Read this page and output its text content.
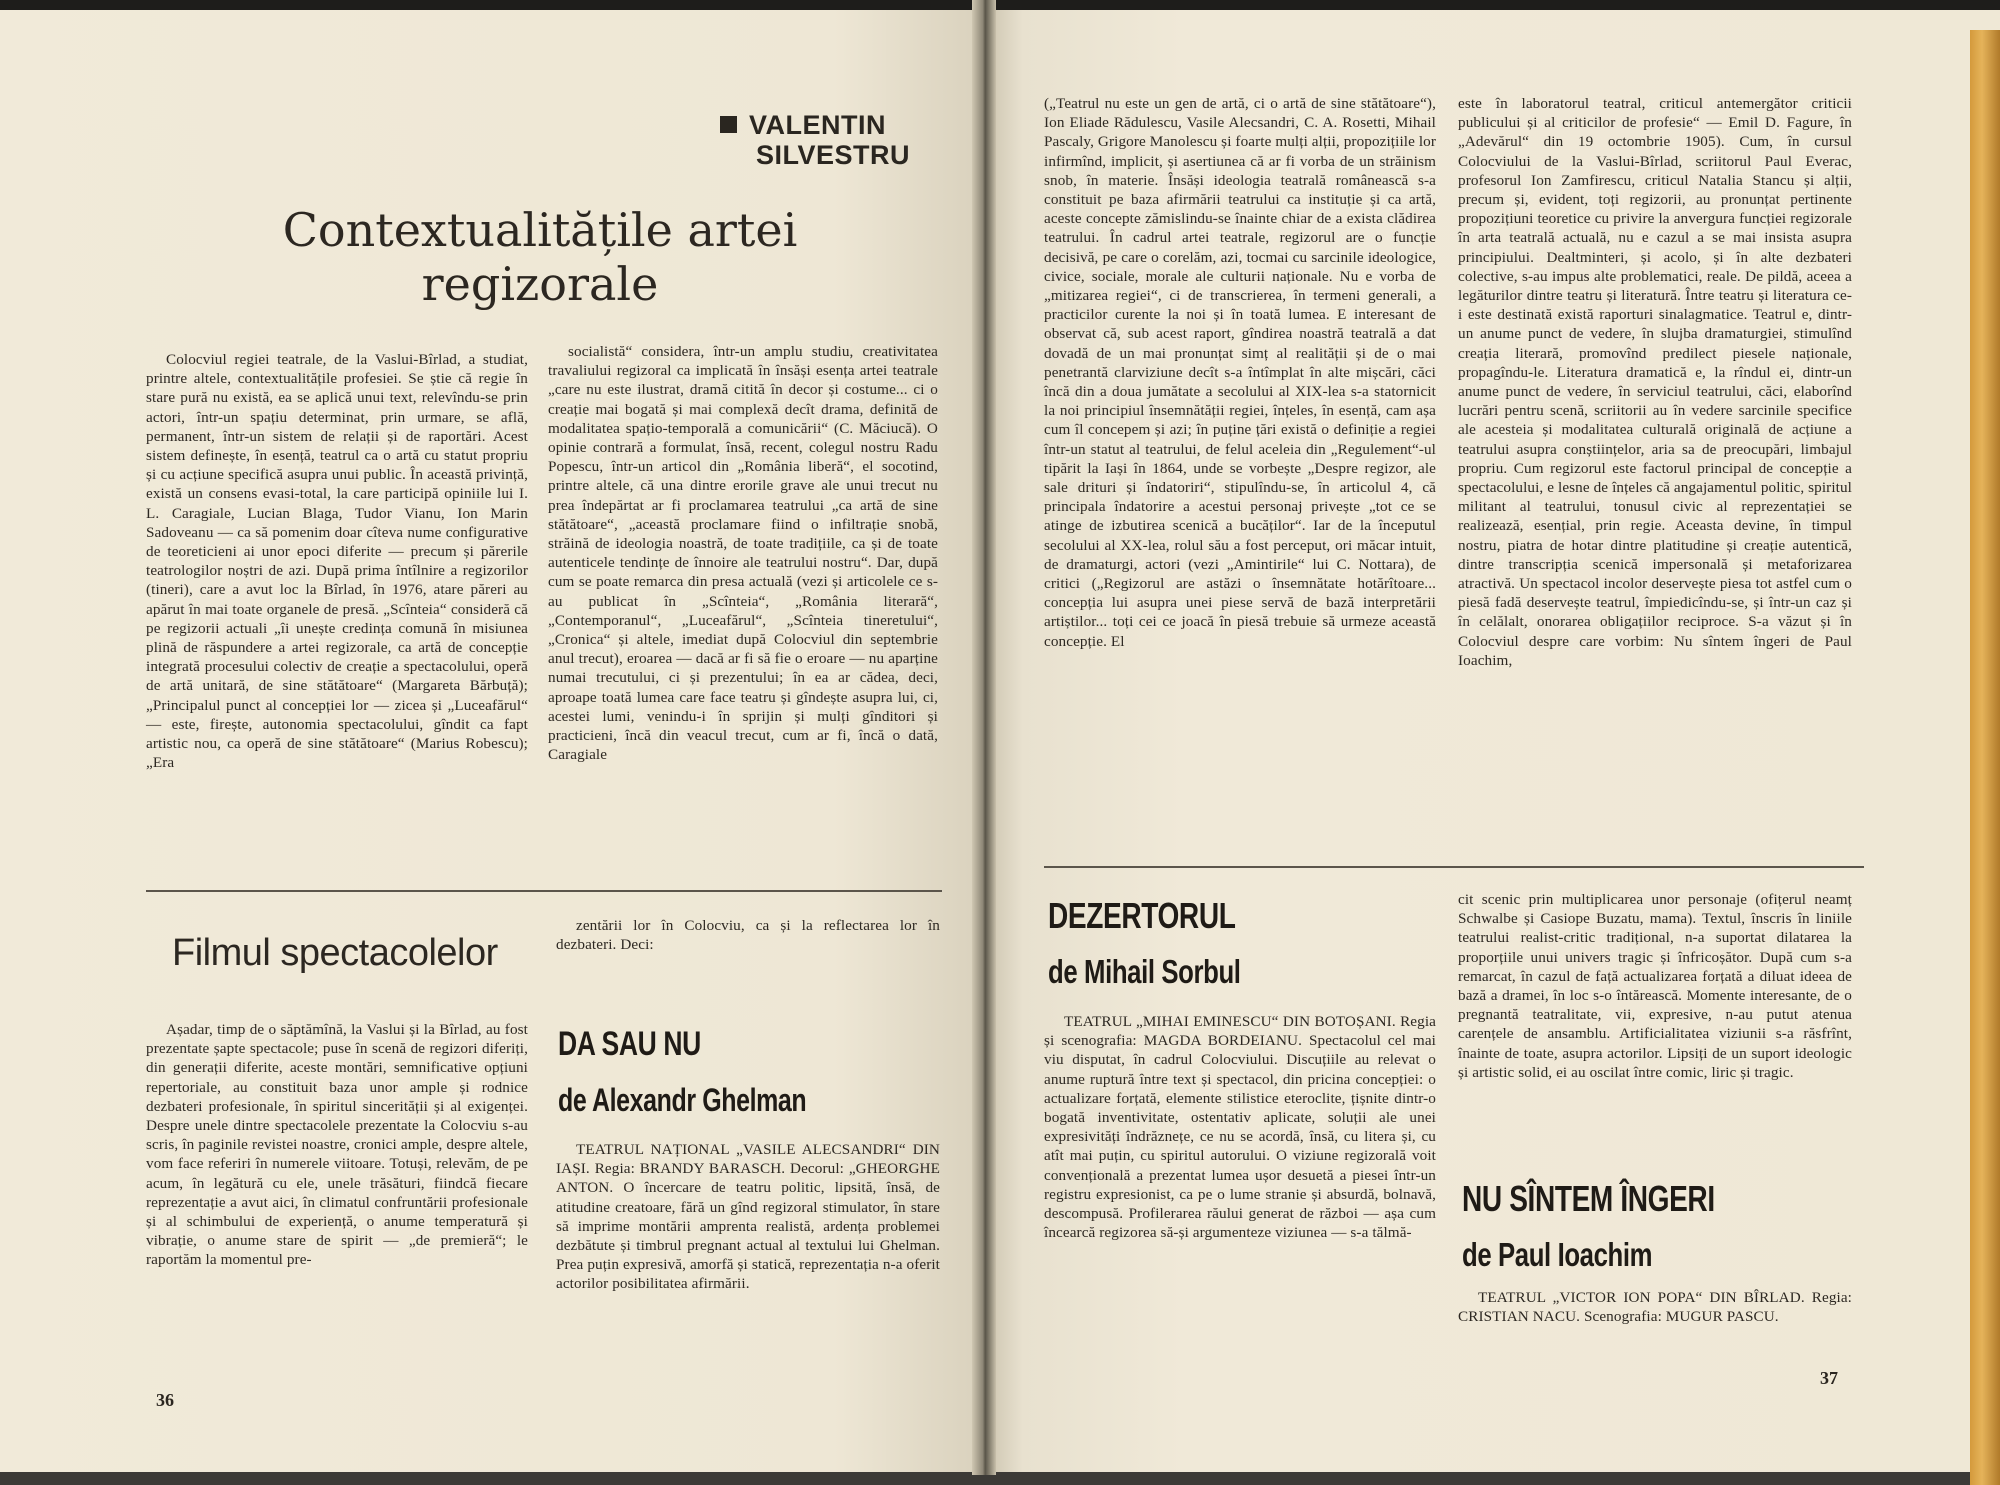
VALENTIN
SILVESTRU
Contextualitățile artei
regizorale

Colocviul regiei teatrale, de la Vaslui-Bîrlad, a studiat, printre altele, contextualitățile profesiei. Se știe că regie în stare pură nu există, ea se aplică unui text, relevîndu-se prin actori, într-un spațiu determinat, prin urmare, se află, permanent, într-un sistem de relații și de raportări. Acest sistem definește, în esență, teatrul ca o artă cu statut propriu și cu acțiune specifică asupra unui public. În această privință, există un consens evasi-total, la care participă opiniile lui I. L. Caragiale, Lucian Blaga, Tudor Vianu, Ion Marin Sadoveanu — ca să pomenim doar cîteva nume configurative de teoreticieni ai unor epoci diferite — precum și părerile teatrologilor noștri de azi. După prima întîlnire a regizorilor (tineri), care a avut loc la Bîrlad, în 1976, atare păreri au apărut în mai toate organele de presă. „Scînteia“ consideră că pe regizorii actuali „îi unește credința comună în misiunea plină de răspundere a artei regizorale, ca artă de concepție integrată procesului colectiv de creație a spectacolului, operă de artă unitară, de sine stătătoare“ (Margareta Bărbuță); „Principalul punct al concepției lor — zicea și „Luceafărul“ — este, firește, autonomia spectacolului, gîndit ca fapt artistic nou, ca operă de sine stătătoare“ (Marius Robescu); „Era

socialistă“ considera, într-un amplu studiu, creativitatea travaliului regizoral ca implicată în însăși esența artei teatrale „care nu este ilustrat, dramă citită în decor și costume... ci o creație mai bogată și mai complexă decît drama, definită de modalitatea spațio-temporală a comunicării“ (C. Măciucă). O opinie contrară a formulat, însă, recent, colegul nostru Radu Popescu, într-un articol din „România liberă“, el socotind, printre altele, că una dintre erorile grave ale unui trecut nu prea îndepărtat ar fi proclamarea teatrului „ca artă de sine stătătoare“, „această proclamare fiind o infiltrație snobă, străină de ideologia noastră, de toate tradițiile, ca și de toate autenticele tendințe de înnoire ale teatrului nostru“. Dar, după cum se poate remarca din presa actuală (vezi și articolele ce s-au publicat în „Scînteia“, „România literară“, „Contemporanul“, „Luceafărul“, „Scînteia tineretului“, „Cronica“ și altele, imediat după Colocviul din septembrie anul trecut), eroarea — dacă ar fi să fie o eroare — nu aparține numai trecutului, ci și prezentului; în ea ar cădea, deci, aproape toată lumea care face teatru și gîndește asupra lui, ci, acestei lumi, venindu-i în sprijin și mulți gînditori și practicieni, încă din veacul trecut, cum ar fi, încă o dată, Caragiale

Filmul spectacolelor

Așadar, timp de o săptămînă, la Vaslui și la Bîrlad, au fost prezentate șapte spectacole; puse în scenă de regizori diferiți, din generații diferite, aceste montări, semnificative opțiuni repertoriale, au constituit baza unor ample și rodnice dezbateri profesionale, în spiritul sincerității și al exigenței. Despre unele dintre spectacolele prezentate la Colocviu s-au scris, în paginile revistei noastre, cronici ample, despre altele, vom face referiri în numerele viitoare. Totuși, relevăm, de pe acum, în legătură cu ele, unele trăsături, fiindcă fiecare reprezentație a avut aici, în climatul confruntării profesionale și al schimbului de experiență, o anume temperatură și vibrație, o anume stare de spirit — „de premieră“; le raportăm la momentul pre-

zentării lor în Colocviu, ca și la reflectarea lor în dezbateri. Deci:

DA SAU NU
de Alexandr Ghelman

TEATRUL NAȚIONAL „VASILE ALECSANDRI“ DIN IAȘI. Regia: BRANDY BARASCH. Decorul: „GHEORGHE ANTON. O încercare de teatru politic, lipsită, însă, de atitudine creatoare, fără un gînd regizoral stimulator, în stare să imprime montării amprenta realistă, ardența problemei dezbătute și timbrul pregnant actual al textului lui Ghelman. Prea puțin expresivă, amorfă și statică, reprezentația n-a oferit actorilor posibilitatea afirmării.

36

(„Teatrul nu este un gen de artă, ci o artă de sine stătătoare“), Ion Eliade Rădulescu, Vasile Alecsandri, C. A. Rosetti, Mihail Pascaly, Grigore Manolescu și foarte mulți alții, propozițiile lor infirmînd, implicit, și asertiunea că ar fi vorba de un străinism snob, în materie. Însăși ideologia teatrală românească s-a constituit pe baza afirmării teatrului ca instituție și ca artă, aceste concepte zămislindu-se înainte chiar de a exista clădirea teatrului. În cadrul artei teatrale, regizorul are o funcție decisivă, pe care o corelăm, azi, tocmai cu sarcinile ideologice, civice, sociale, morale ale culturii naționale. Nu e vorba de „mitizarea regiei“, ci de transcrierea, în termeni generali, a practicilor curente la noi și în toată lumea. E interesant de observat că, sub acest raport, gîndirea noastră teatrală a dat dovadă de un mai pronunțat simț al realității și de o mai penetrantă clarviziune decît s-a întîmplat în alte mișcări, căci încă din a doua jumătate a secolului al XIX-lea s-a statornicit la noi principiul însemnătății regiei, înțeles, în esență, cam așa cum îl concepem și azi; în puține țări există o definiție a regiei într-un statut al teatrului, de felul aceleia din „Regulement“-ul tipărit la Iași în 1864, unde se vorbește „Despre regizor, ale sale drituri și îndatoriri“, stipulîndu-se, în articolul 4, că principala îndatorire a acestui personaj privește „tot ce se atinge de izbutirea scenică a bucăților“. Iar de la începutul secolului al XX-lea, rolul său a fost perceput, ori măcar intuit, de dramaturgi, actori (vezi „Amintirile“ lui C. Nottara), de critici („Regizorul are astăzi o însemnătate hotărîtoare... concepția lui asupra unei piese servă de bază interpretării artiștilor... toți cei ce joacă în piesă trebuie să urmeze această concepție. El

este în laboratorul teatral, criticul antemergător criticii publicului și al criticilor de profesie“ — Emil D. Fagure, în „Adevărul“ din 19 octombrie 1905). Cum, în cursul Colocviului de la Vaslui-Bîrlad, scriitorul Paul Everac, profesorul Ion Zamfirescu, criticul Natalia Stancu și alții, precum și, evident, toți regizorii, au pronunțat pertinente propozițiuni teoretice cu privire la anvergura funcției regizorale în arta teatrală actuală, nu e cazul a se mai insista asupra principiului. Dealtminteri, și acolo, și în alte dezbateri colective, s-au impus alte problematici, reale. De pildă, aceea a legăturilor dintre teatru și literatură. Între teatru și literatura ce-i este destinată există raporturi sinalagmatice. Teatrul e, dintr-un anume punct de vedere, în slujba dramaturgiei, stimulînd creația literară, promovînd predilect piesele naționale, propagîndu-le. Literatura dramatică e, la rîndul ei, dintr-un anume punct de vedere, în serviciul teatrului, căci, elaborînd lucrări pentru scenă, scriitorii au în vedere sarcinile specifice ale acesteia și modalitatea culturală originală de acțiune a teatrului asupra conștiințelor, aria sa de preocupări, limbajul propriu. Cum regizorul este factorul principal de concepție a spectacolului, e lesne de înțeles că angajamentul politic, spiritul militant al teatrului, tonusul civic al reprezentației se realizează, esențial, prin regie. Aceasta devine, în timpul nostru, piatra de hotar dintre platitudine și creație autentică, dintre transcripția scenică impersonală și metaforizarea atractivă. Un spectacol incolor deservește piesa tot astfel cum o piesă fadă deservește teatrul, împiedicîndu-se, și într-un caz și în celălalt, onorarea obligațiilor reciproce. S-a văzut și în Colocviul despre care vorbim: Nu sîntem îngeri de Paul Ioachim,

DEZERTORUL
de Mihail Sorbul

TEATRUL „MIHAI EMINESCU“ DIN BOTOȘANI. Regia și scenografia: MAGDA BORDEIANU. Spectacolul cel mai viu disputat, în cadrul Colocviului. Discuțiile au relevat o anume ruptură între text și spectacol, din pricina concepției: o actualizare forțată, elemente stilistice eteroclite, țișnite dintr-o bogată inventivitate, ostentativ aplicate, soluții ale unei expresivități îndrăznețe, ce nu se acordă, însă, cu litera și, cu atît mai puțin, cu spiritul autorului. O viziune regizorală voit convențională a prezentat lumea ușor desuetă a piesei într-un registru expresionist, ca pe o lume stranie și absurdă, bolnavă, descompusă. Profilerarea răului generat de război — așa cum încearcă regizorea să-și argumenteze viziunea — s-a tălmă-

cit scenic prin multiplicarea unor personaje (ofițerul neamț Schwalbe și Casiope Buzatu, mama). Textul, înscris în liniile teatrului realist-critic tradițional, n-a suportat dilatarea la proporțiile unui univers tragic și înfricoșător. După cum s-a remarcat, în cazul de față actualizarea forțată a diluat ideea de bază a dramei, în loc s-o întărească. Momente interesante, de o pregnantă teatralitate, vii, expresive, n-au putut atenua carențele de ansamblu. Artificialitatea viziunii s-a răsfrînt, înainte de toate, asupra actorilor. Lipsiți de un suport ideologic și artistic solid, ei au oscilat între comic, liric și tragic.

NU SÎNTEM ÎNGERI
de Paul Ioachim

TEATRUL „VICTOR ION POPA“ DIN BÎRLAD. Regia: CRISTIAN NACU. Scenografia: MUGUR PASCU.

37
